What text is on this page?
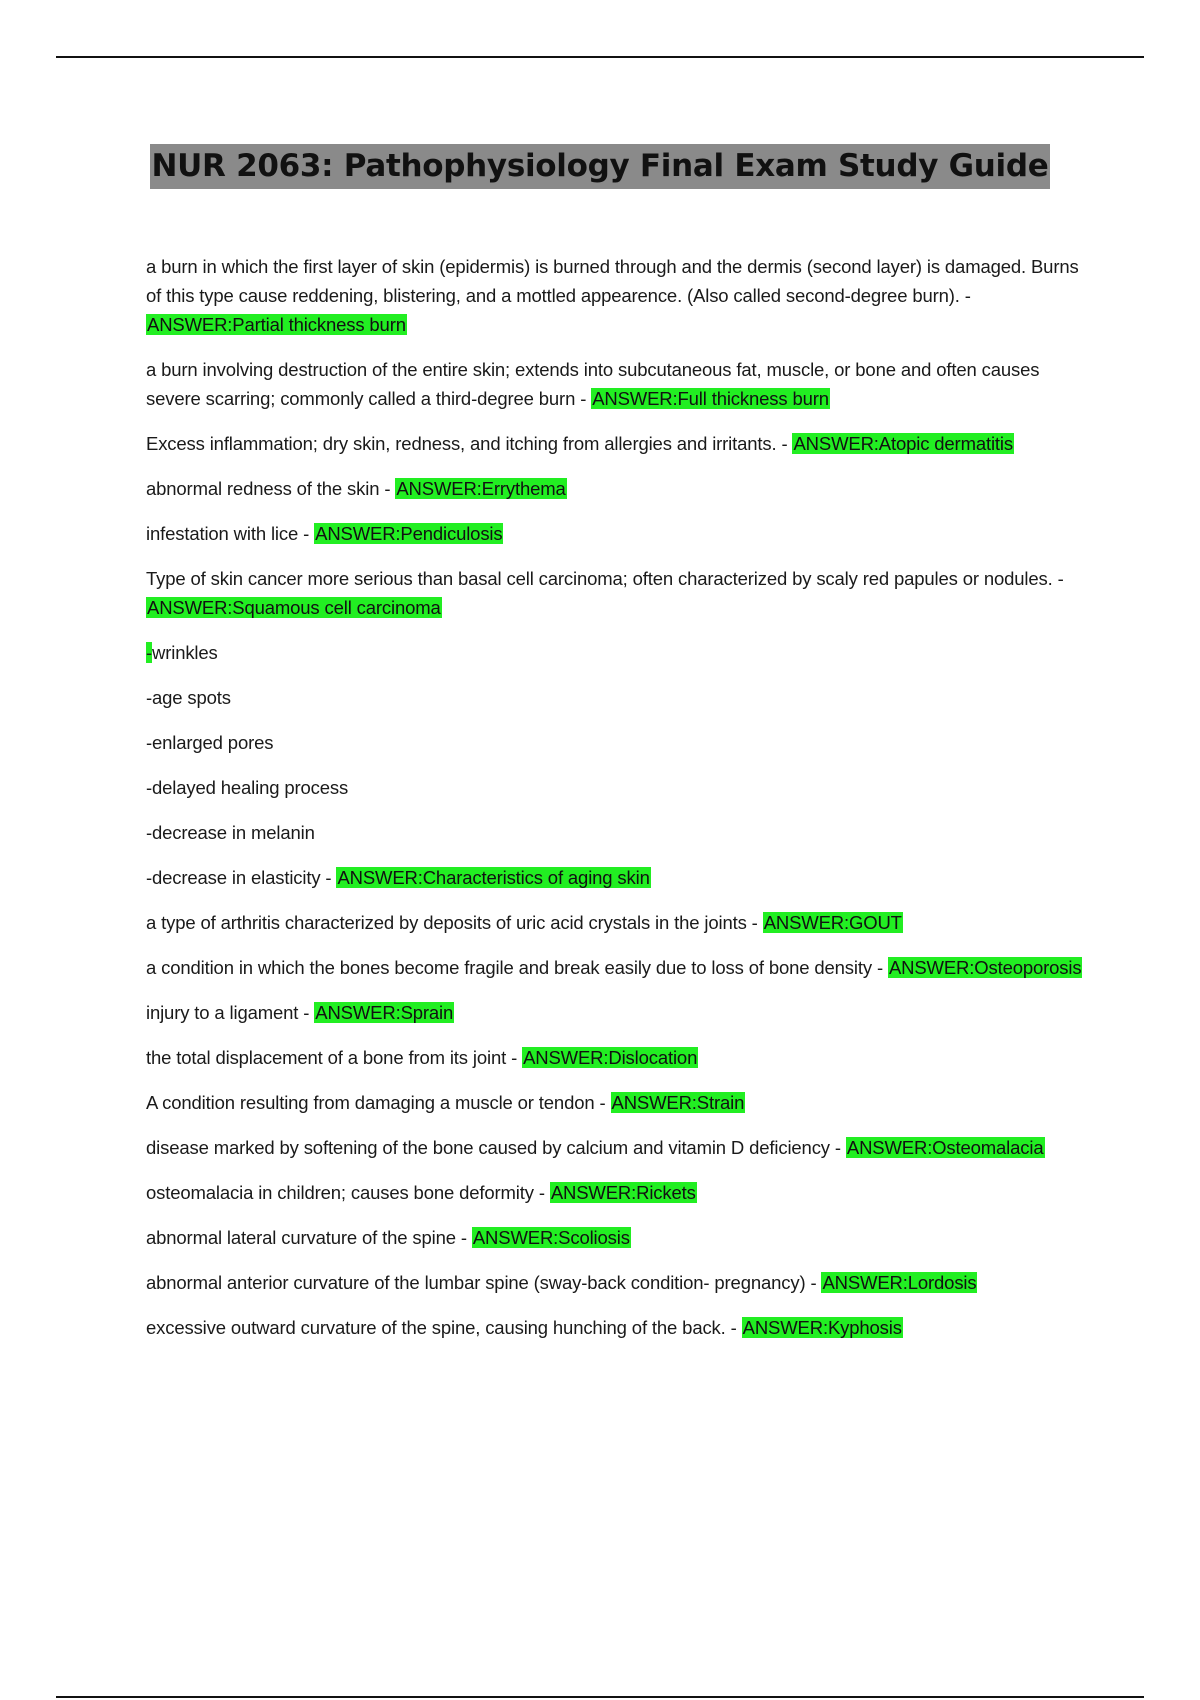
NUR 2063: Pathophysiology Final Exam Study Guide

a burn in which the first layer of skin (epidermis) is burned through and the dermis (second layer) is damaged. Burns of this type cause reddening, blistering, and a mottled appearence. (Also called second-degree burn). - ANSWER:Partial thickness burn

a burn involving destruction of the entire skin; extends into subcutaneous fat, muscle, or bone and often causes severe scarring; commonly called a third-degree burn - ANSWER:Full thickness burn

Excess inflammation; dry skin, redness, and itching from allergies and irritants. - ANSWER:Atopic dermatitis

abnormal redness of the skin - ANSWER:Errythema

infestation with lice - ANSWER:Pendiculosis

Type of skin cancer more serious than basal cell carcinoma; often characterized by scaly red papules or nodules. - ANSWER:Squamous cell carcinoma

-wrinkles

-age spots

-enlarged pores

-delayed healing process

-decrease in melanin

-decrease in elasticity - ANSWER:Characteristics of aging skin

a type of arthritis characterized by deposits of uric acid crystals in the joints - ANSWER:GOUT

a condition in which the bones become fragile and break easily due to loss of bone density - ANSWER:Osteoporosis

injury to a ligament - ANSWER:Sprain

the total displacement of a bone from its joint - ANSWER:Dislocation

A condition resulting from damaging a muscle or tendon - ANSWER:Strain

disease marked by softening of the bone caused by calcium and vitamin D deficiency - ANSWER:Osteomalacia

osteomalacia in children; causes bone deformity - ANSWER:Rickets

abnormal lateral curvature of the spine - ANSWER:Scoliosis

abnormal anterior curvature of the lumbar spine (sway-back condition- pregnancy) - ANSWER:Lordosis

excessive outward curvature of the spine, causing hunching of the back. - ANSWER:Kyphosis
